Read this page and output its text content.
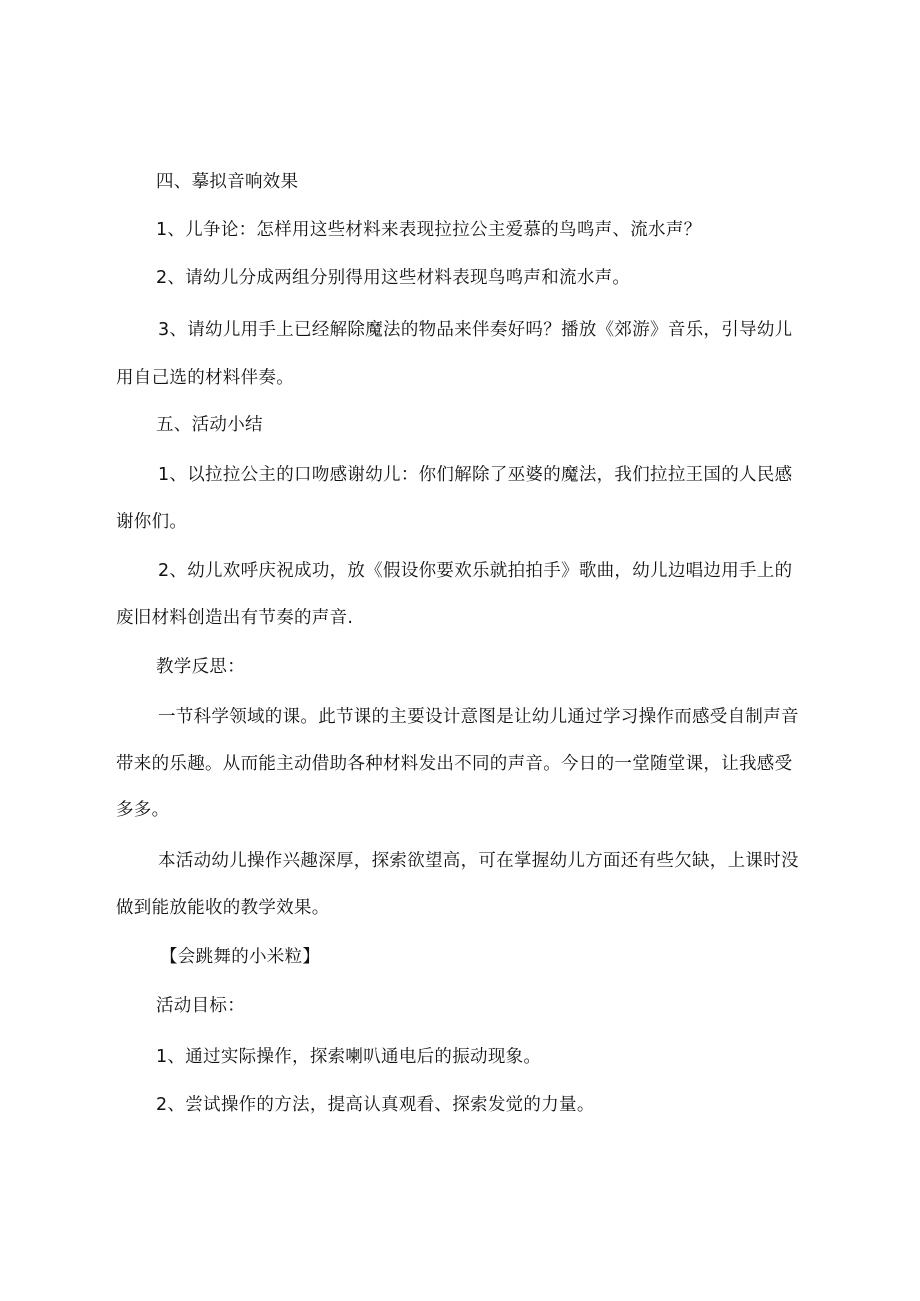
四、摹拟音响效果
1、儿争论：怎样用这些材料来表现拉拉公主爱慕的鸟鸣声、流水声？
2、请幼儿分成两组分别得用这些材料表现鸟鸣声和流水声。
3、请幼儿用手上已经解除魔法的物品来伴奏好吗？播放《郊游》音乐，引导幼儿
用自己选的材料伴奏。
五、活动小结
1、以拉拉公主的口吻感谢幼儿：你们解除了巫婆的魔法，我们拉拉王国的人民感
谢你们。
2、幼儿欢呼庆祝成功，放《假设你要欢乐就拍拍手》歌曲，幼儿边唱边用手上的
废旧材料创造出有节奏的声音.
教学反思：
一节科学领域的课。此节课的主要设计意图是让幼儿通过学习操作而感受自制声音
带来的乐趣。从而能主动借助各种材料发出不同的声音。今日的一堂随堂课，让我感受
多多。
本活动幼儿操作兴趣深厚，探索欲望高，可在掌握幼儿方面还有些欠缺，上课时没
做到能放能收的教学效果。
【会跳舞的小米粒】
活动目标：
1、通过实际操作，探索喇叭通电后的振动现象。
2、尝试操作的方法，提高认真观看、探索发觉的力量。
